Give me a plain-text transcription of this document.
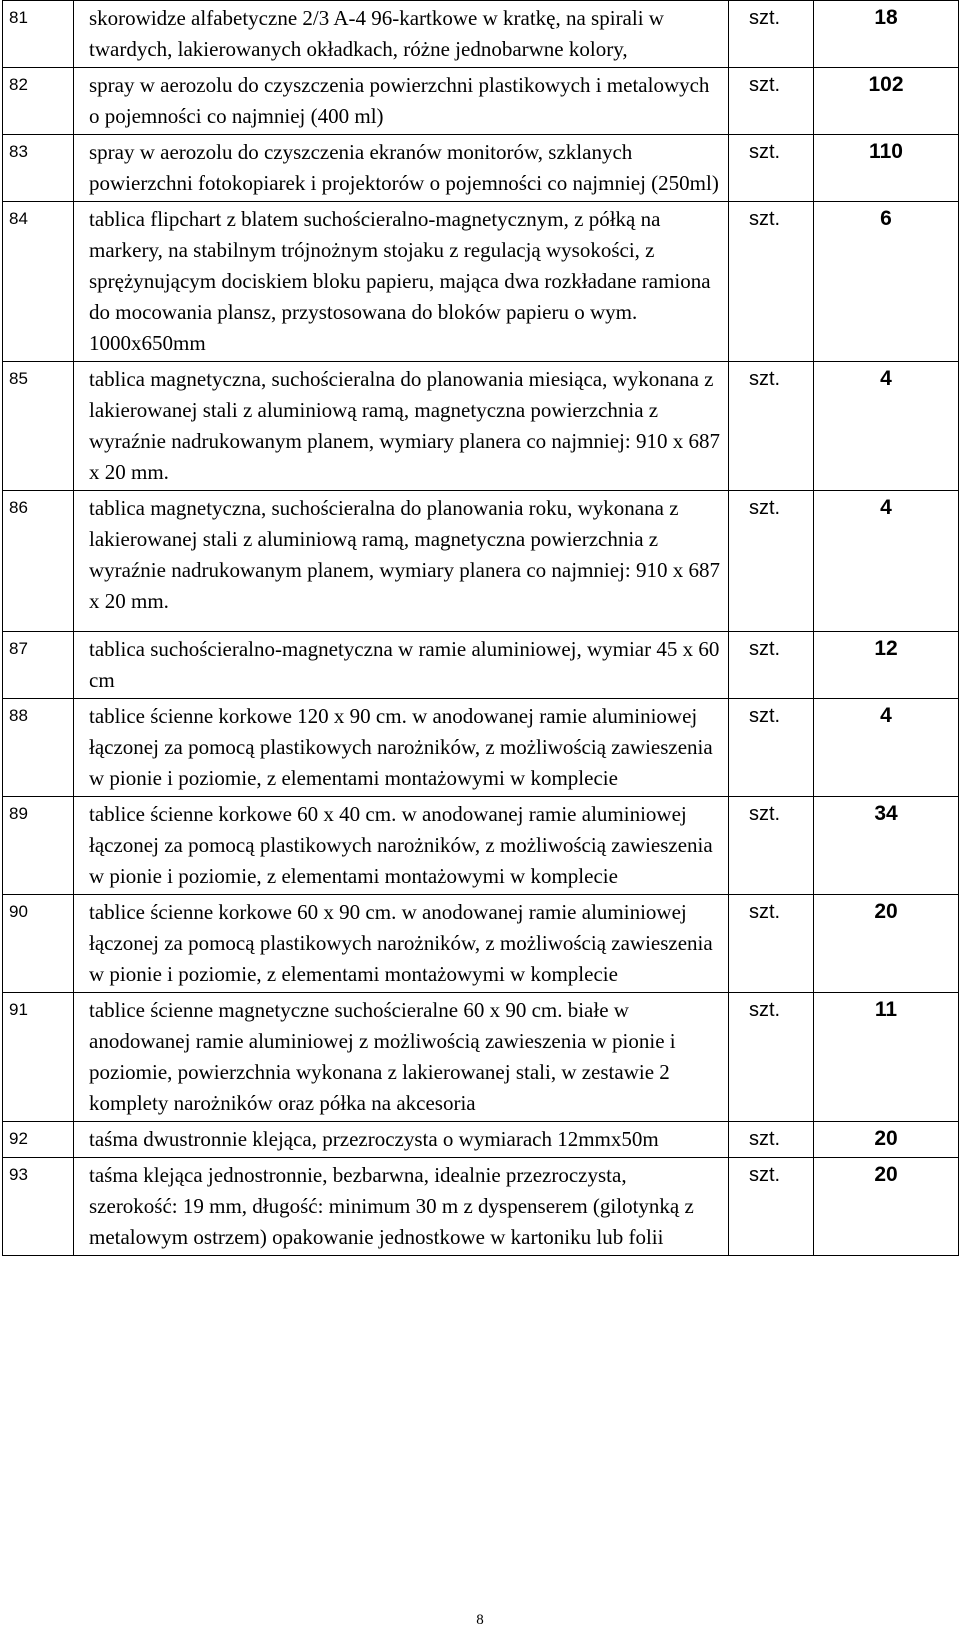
81	skorowidze alfabetyczne 2/3 A-4 96-kartkowe w kratkę, na spirali w twardych, lakierowanych okładkach, różne jednobarwne kolory,	szt.	18
82	spray w aerozolu do czyszczenia powierzchni plastikowych i metalowych o pojemności co najmniej (400 ml)	szt.	102
83	spray w aerozolu do czyszczenia ekranów monitorów, szklanych powierzchni fotokopiarek i projektorów o pojemności co najmniej (250ml)	szt.	110
84	tablica flipchart z blatem suchościeralno-magnetycznym, z półką na markery, na stabilnym trójnożnym stojaku z regulacją wysokości, z sprężynującym dociskiem bloku papieru, mająca dwa rozkładane ramiona do mocowania plansz, przystosowana do bloków papieru o wym. 1000x650mm	szt.	6
85	tablica magnetyczna, suchościeralna do planowania miesiąca, wykonana z lakierowanej stali z aluminiową ramą, magnetyczna powierzchnia z wyraźnie nadrukowanym planem, wymiary planera co najmniej: 910 x 687 x 20 mm.	szt.	4
86	tablica magnetyczna, suchościeralna do planowania roku, wykonana z lakierowanej stali z aluminiową ramą, magnetyczna powierzchnia z wyraźnie nadrukowanym planem, wymiary planera co najmniej: 910 x 687 x 20 mm.	szt.	4
87	tablica suchościeralno-magnetyczna w ramie aluminiowej, wymiar 45 x 60 cm	szt.	12
88	tablice ścienne korkowe 120 x 90 cm. w anodowanej ramie aluminiowej łączonej za pomocą plastikowych narożników, z możliwością zawieszenia w pionie i poziomie, z elementami montażowymi w komplecie	szt.	4
89	tablice ścienne korkowe 60 x 40 cm. w anodowanej ramie aluminiowej łączonej za pomocą plastikowych narożników, z możliwością zawieszenia w pionie i poziomie, z elementami montażowymi w komplecie	szt.	34
90	tablice ścienne korkowe 60 x 90 cm. w anodowanej ramie aluminiowej łączonej za pomocą plastikowych narożników, z możliwością zawieszenia w pionie i poziomie, z elementami montażowymi w komplecie	szt.	20
91	tablice ścienne magnetyczne suchościeralne 60 x 90 cm. białe w anodowanej ramie aluminiowej z możliwością zawieszenia w pionie i poziomie, powierzchnia wykonana z lakierowanej stali, w zestawie 2 komplety narożników oraz półka na akcesoria	szt.	11
92	taśma dwustronnie klejąca, przezroczysta o wymiarach 12mmx50m	szt.	20
93	taśma klejąca jednostronnie, bezbarwna, idealnie przezroczysta, szerokość: 19 mm, długość: minimum 30 m z dyspenserem (gilotynką z metalowym ostrzem) opakowanie jednostkowe w kartoniku lub folii	szt.	20
8
